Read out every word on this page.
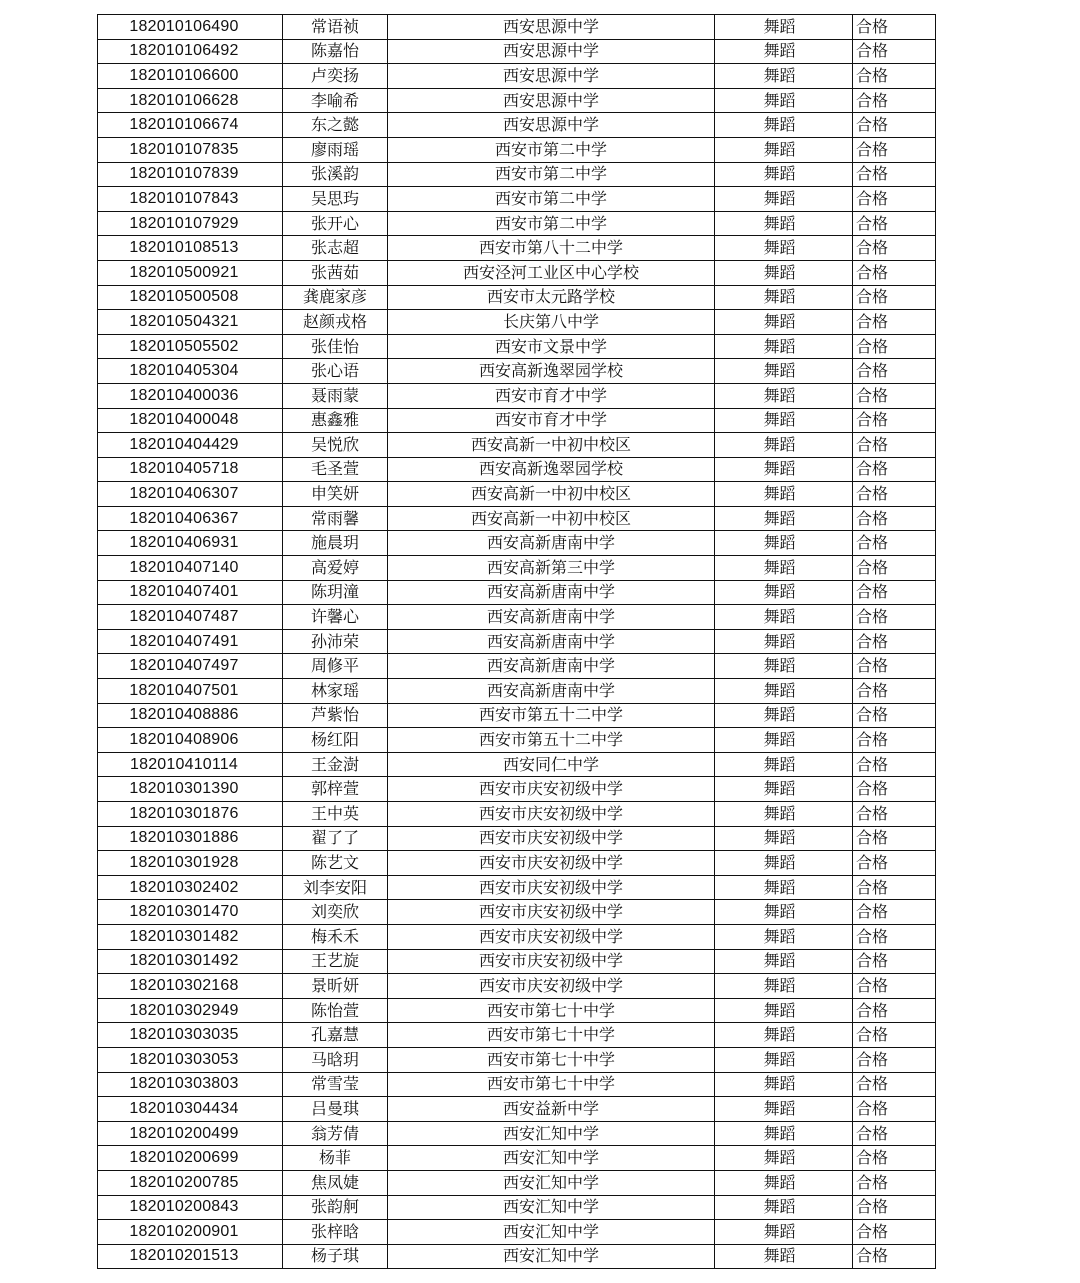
182010106490	常语祯	西安思源中学	舞蹈	合格
182010106492	陈嘉怡	西安思源中学	舞蹈	合格
182010106600	卢奕扬	西安思源中学	舞蹈	合格
182010106628	李喻希	西安思源中学	舞蹈	合格
182010106674	东之懿	西安思源中学	舞蹈	合格
182010107835	廖雨瑶	西安市第二中学	舞蹈	合格
182010107839	张溪韵	西安市第二中学	舞蹈	合格
182010107843	吴思玙	西安市第二中学	舞蹈	合格
182010107929	张开心	西安市第二中学	舞蹈	合格
182010108513	张志超	西安市第八十二中学	舞蹈	合格
182010500921	张茜茹	西安泾河工业区中心学校	舞蹈	合格
182010500508	龚鹿家彦	西安市太元路学校	舞蹈	合格
182010504321	赵颜戎格	长庆第八中学	舞蹈	合格
182010505502	张佳怡	西安市文景中学	舞蹈	合格
182010405304	张心语	西安高新逸翠园学校	舞蹈	合格
182010400036	聂雨蒙	西安市育才中学	舞蹈	合格
182010400048	惠鑫雅	西安市育才中学	舞蹈	合格
182010404429	吴悦欣	西安高新一中初中校区	舞蹈	合格
182010405718	毛圣萱	西安高新逸翠园学校	舞蹈	合格
182010406307	申笑妍	西安高新一中初中校区	舞蹈	合格
182010406367	常雨馨	西安高新一中初中校区	舞蹈	合格
182010406931	施晨玥	西安高新唐南中学	舞蹈	合格
182010407140	高爱婷	西安高新第三中学	舞蹈	合格
182010407401	陈玥潼	西安高新唐南中学	舞蹈	合格
182010407487	许馨心	西安高新唐南中学	舞蹈	合格
182010407491	孙沛荣	西安高新唐南中学	舞蹈	合格
182010407497	周修平	西安高新唐南中学	舞蹈	合格
182010407501	林家瑶	西安高新唐南中学	舞蹈	合格
182010408886	芦紫怡	西安市第五十二中学	舞蹈	合格
182010408906	杨红阳	西安市第五十二中学	舞蹈	合格
182010410114	王金澍	西安同仁中学	舞蹈	合格
182010301390	郭梓萱	西安市庆安初级中学	舞蹈	合格
182010301876	王中英	西安市庆安初级中学	舞蹈	合格
182010301886	翟了了	西安市庆安初级中学	舞蹈	合格
182010301928	陈艺文	西安市庆安初级中学	舞蹈	合格
182010302402	刘李安阳	西安市庆安初级中学	舞蹈	合格
182010301470	刘奕欣	西安市庆安初级中学	舞蹈	合格
182010301482	梅禾禾	西安市庆安初级中学	舞蹈	合格
182010301492	王艺旋	西安市庆安初级中学	舞蹈	合格
182010302168	景昕妍	西安市庆安初级中学	舞蹈	合格
182010302949	陈怡萱	西安市第七十中学	舞蹈	合格
182010303035	孔嘉慧	西安市第七十中学	舞蹈	合格
182010303053	马晗玥	西安市第七十中学	舞蹈	合格
182010303803	常雪莹	西安市第七十中学	舞蹈	合格
182010304434	吕曼琪	西安益新中学	舞蹈	合格
182010200499	翁芳倩	西安汇知中学	舞蹈	合格
182010200699	杨菲	西安汇知中学	舞蹈	合格
182010200785	焦凤婕	西安汇知中学	舞蹈	合格
182010200843	张韵舸	西安汇知中学	舞蹈	合格
182010200901	张梓晗	西安汇知中学	舞蹈	合格
182010201513	杨子琪	西安汇知中学	舞蹈	合格
